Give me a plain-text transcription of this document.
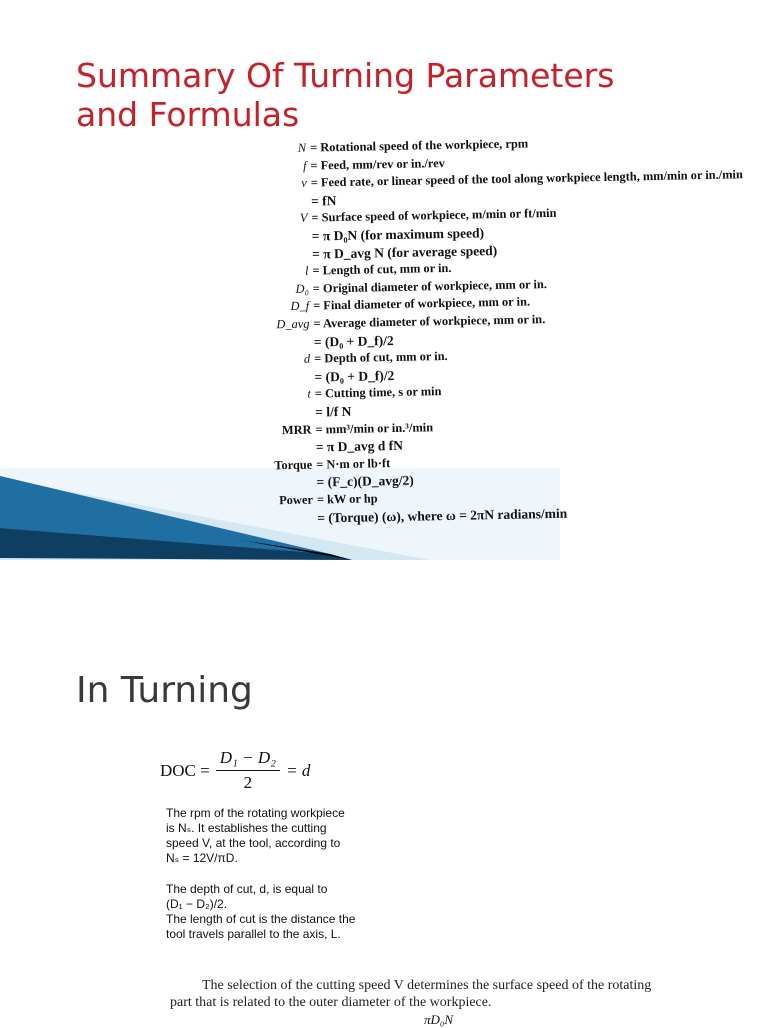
Summary Of Turning Parameters
and Formulas
N = Rotational speed of the workpiece, rpm
f = Feed, mm/rev or in./rev
v = Feed rate, or linear speed of the tool along workpiece length, mm/min or in./min
= fN
V = Surface speed of workpiece, m/min or ft/min
= π D₀N (for maximum speed)
= π D_avg N (for average speed)
l = Length of cut, mm or in.
D₀ = Original diameter of workpiece, mm or in.
D_f = Final diameter of workpiece, mm or in.
D_avg = Average diameter of workpiece, mm or in.
= (D₀ + D_f)/2
d = Depth of cut, mm or in.
= (D₀ + D_f)/2
t = Cutting time, s or min
= l/f N
MRR = mm³/min or in.³/min
= π D_avg d fN
Torque = N·m or lb·ft
= (F_c)(D_avg/2)
Power = kW or hp
= (Torque) (ω), where ω = 2πN radians/min
In Turning
DOC = $\frac{\text{D₁ − D₂}}{2} = d$

The rpm of the rotating workpiece
is Nₛ. It establishes the cutting
speed V, at the tool, according to
Nₛ = 12V/πD.

The depth of cut, d, is equal to
(D₁ − D₂)/2.
The length of cut is the distance the
tool travels parallel to the axis, L.

The selection of the cutting speed V determines the surface speed of the rotating
part that is related to the outer diameter of the workpiece.

πD₀N
